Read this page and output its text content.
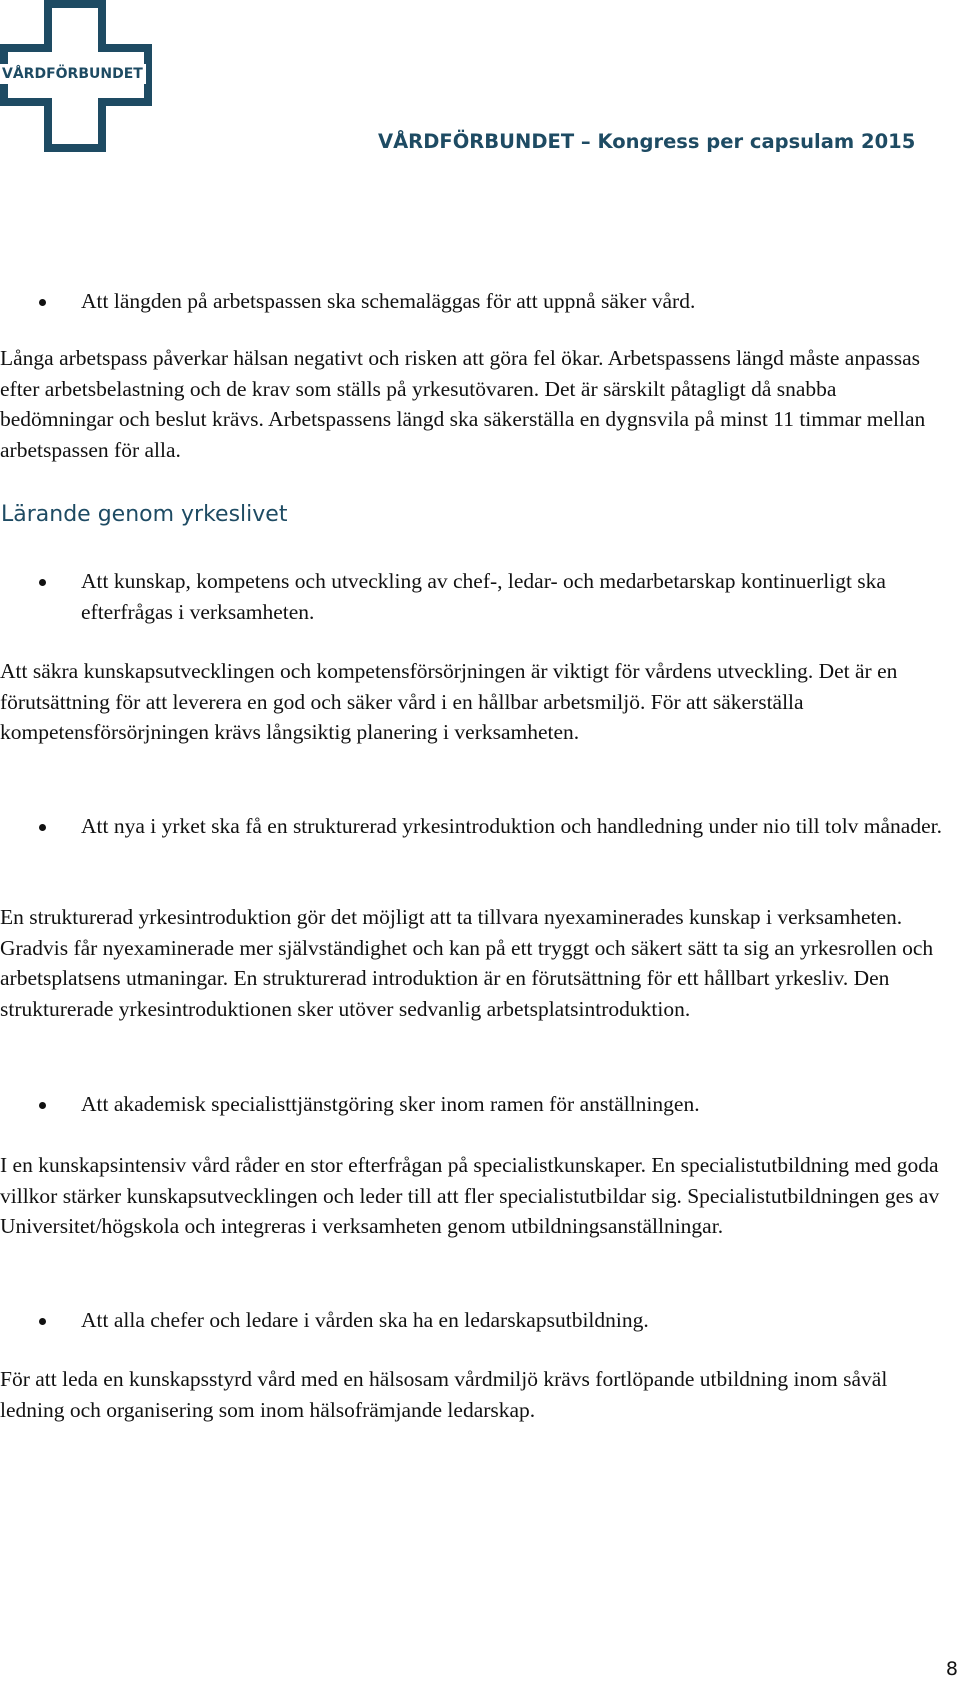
VÅRDFÖRBUNDET
VÅRDFÖRBUNDET – Kongress per capsulam 2015
Att längden på arbetspassen ska schemaläggas för att uppnå säker vård.
Långa arbetspass påverkar hälsan negativt och risken att göra fel ökar. Arbetspassens längd måste anpassas efter arbetsbelastning och de krav som ställs på yrkesutövaren. Det är särskilt påtagligt då snabba bedömningar och beslut krävs. Arbetspassens längd ska säkerställa en dygnsvila på minst 11 timmar mellan arbetspassen för alla.
Lärande genom yrkeslivet
Att kunskap, kompetens och utveckling av chef-, ledar- och medarbetarskap kontinuerligt ska efterfrågas i verksamheten.
Att säkra kunskapsutvecklingen och kompetensförsörjningen är viktigt för vårdens utveckling. Det är en förutsättning för att leverera en god och säker vård i en hållbar arbetsmiljö. För att säkerställa kompetensförsörjningen krävs långsiktig planering i verksamheten.
Att nya i yrket ska få en strukturerad yrkesintroduktion och handledning under nio till tolv månader.
En strukturerad yrkesintroduktion gör det möjligt att ta tillvara nyexaminerades kunskap i verksamheten. Gradvis får nyexaminerade mer självständighet och kan på ett tryggt och säkert sätt ta sig an yrkesrollen och arbetsplatsens utmaningar. En strukturerad introduktion är en förutsättning för ett hållbart yrkesliv. Den strukturerade yrkesintroduktionen sker utöver sedvanlig arbetsplatsintroduktion.
Att akademisk specialisttjänstgöring sker inom ramen för anställningen.
I en kunskapsintensiv vård råder en stor efterfrågan på specialistkunskaper. En specialistutbildning med goda villkor stärker kunskapsutvecklingen och leder till att fler specialistutbildar sig. Specialistutbildningen ges av Universitet/högskola och integreras i verksamheten genom utbildningsanställningar.
Att alla chefer och ledare i vården ska ha en ledarskapsutbildning.
För att leda en kunskapsstyrd vård med en hälsosam vårdmiljö krävs fortlöpande utbildning inom såväl ledning och organisering som inom hälsofrämjande ledarskap.
8
